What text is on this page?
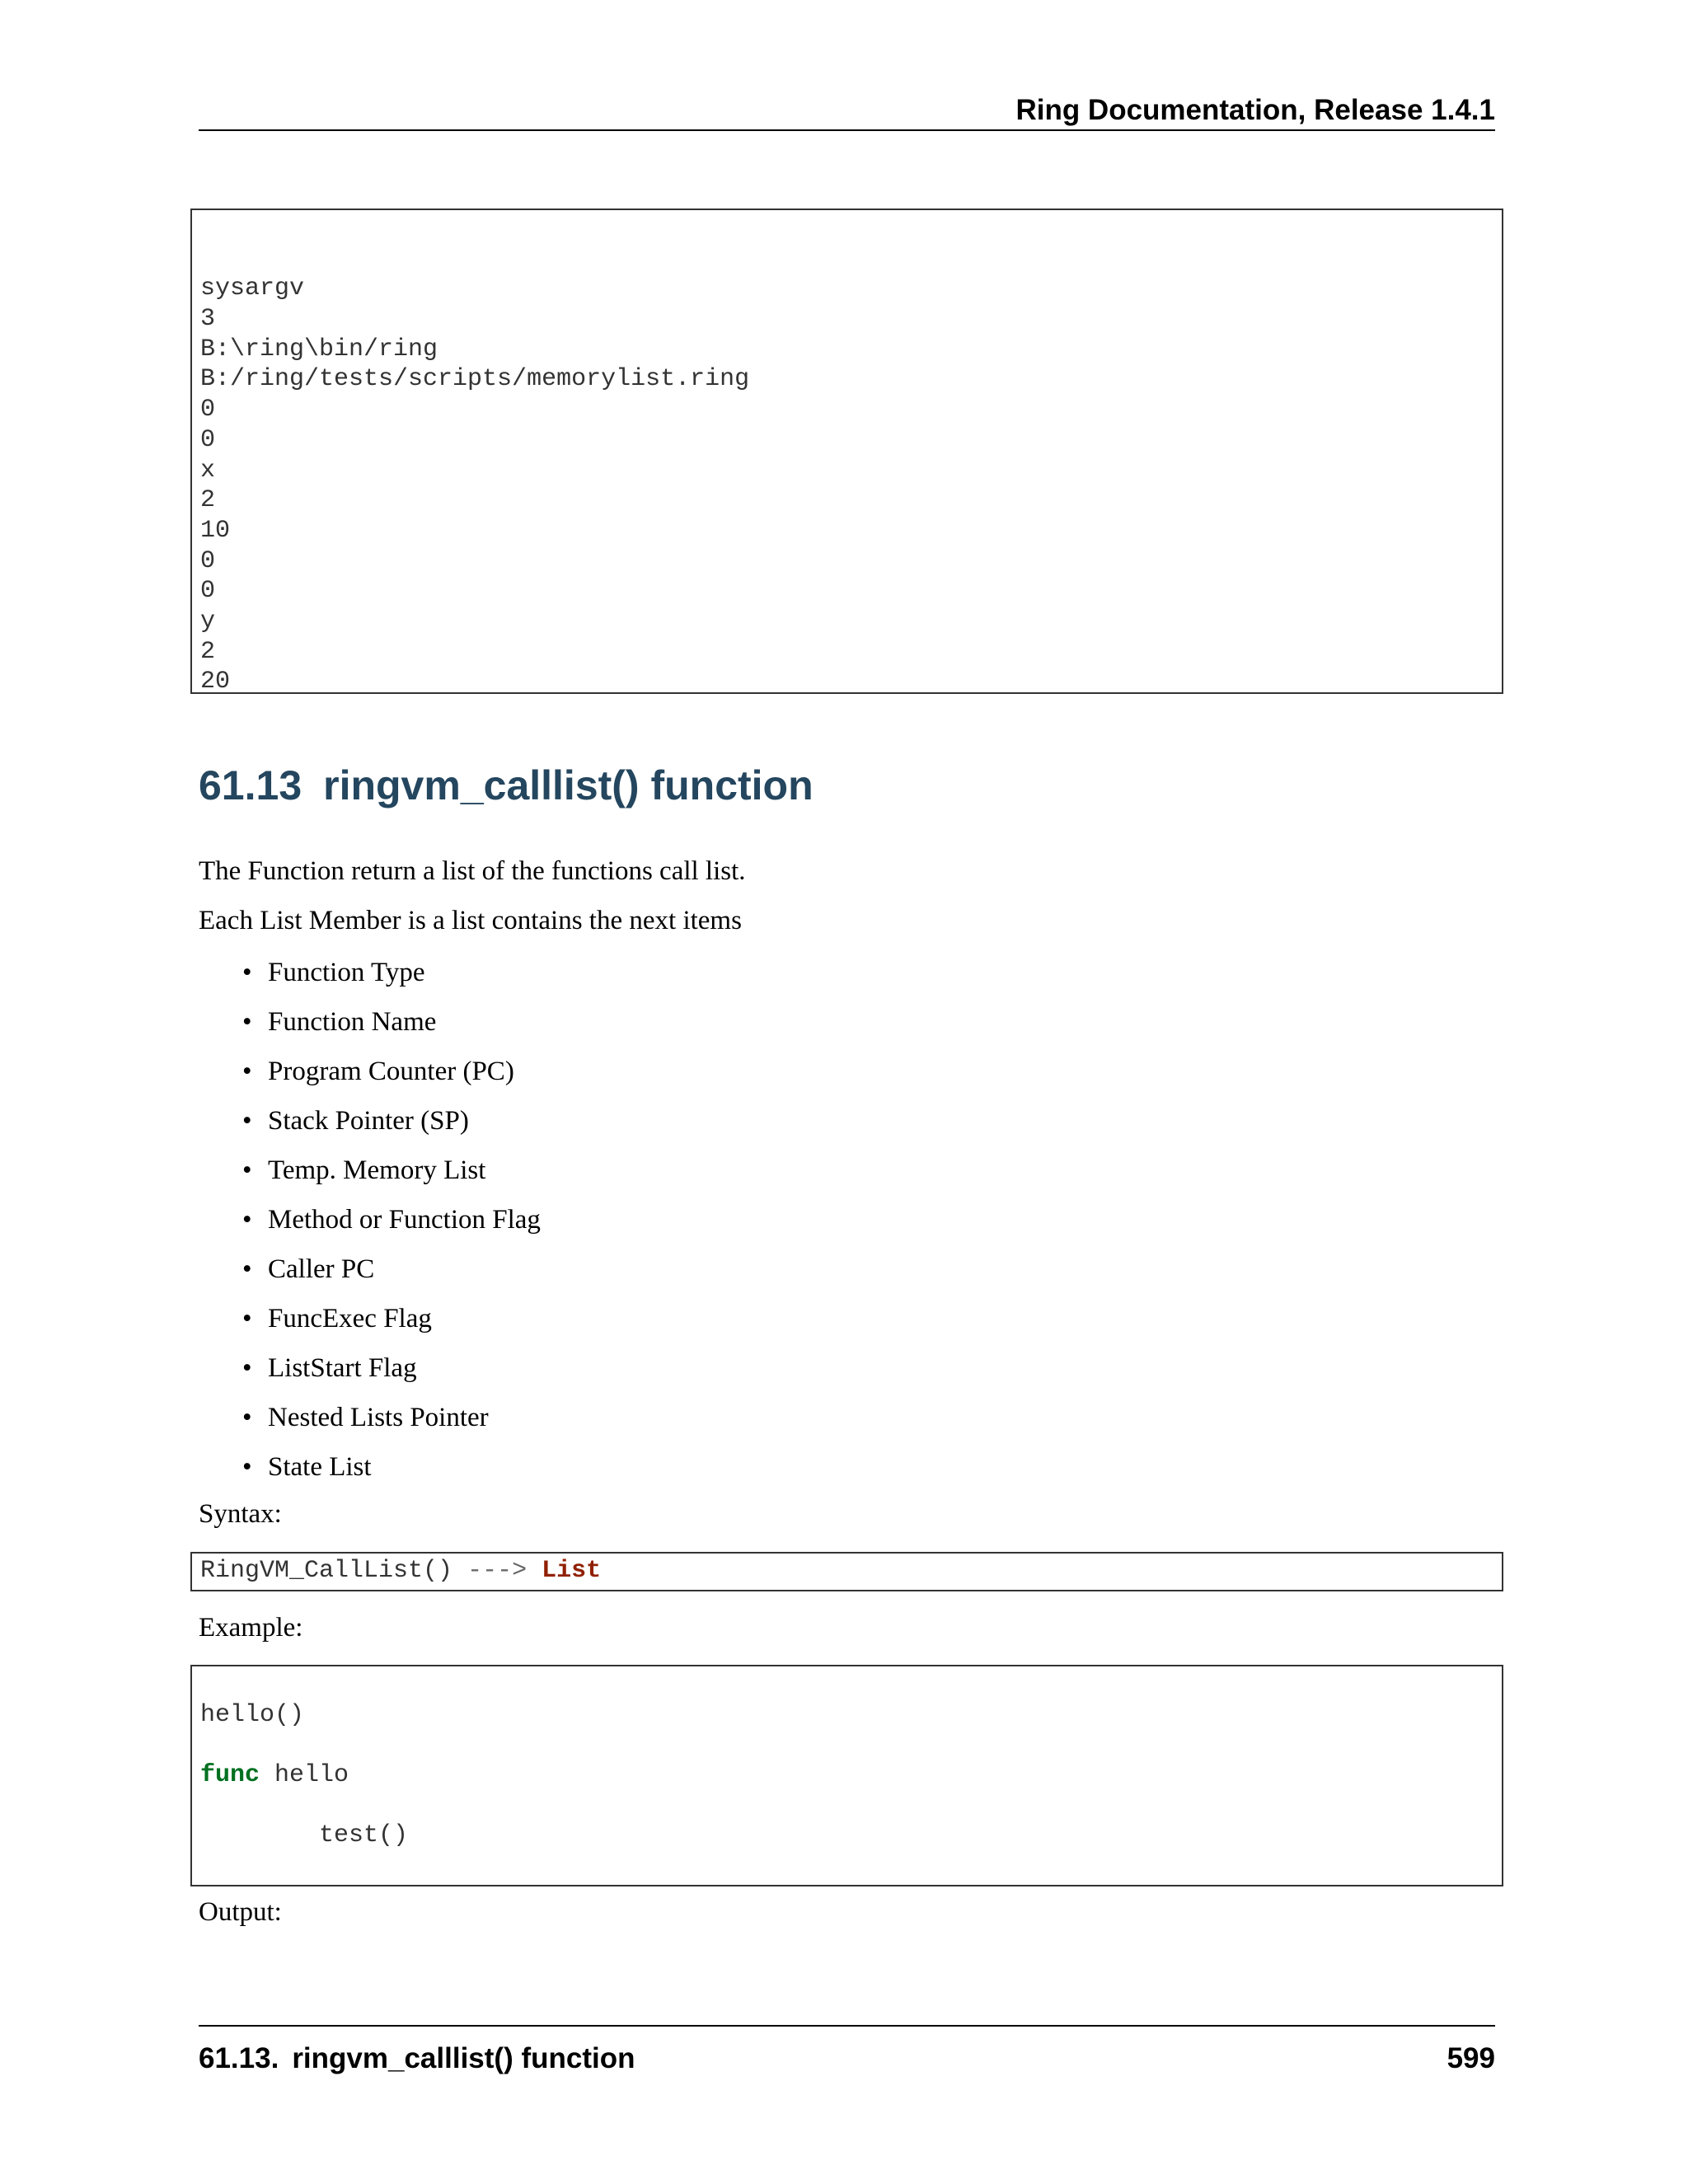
Ring Documentation, Release 1.4.1

sysargv
3
B:\ring\bin/ring
B:/ring/tests/scripts/memorylist.ring
0
0
x
2
10
0
0
y
2
20

61.13 ringvm_calllist() function
The Function return a list of the functions call list.
Each List Member is a list contains the next items
• Function Type
• Function Name
• Program Counter (PC)
• Stack Pointer (SP)
• Temp. Memory List
• Method or Function Flag
• Caller PC
• FuncExec Flag
• ListStart Flag
• Nested Lists Pointer
• State List
Syntax:
RingVM_CallList() ---> List
Example:

hello()

func hello

test()

Output:
61.13. ringvm_calllist() function	599
